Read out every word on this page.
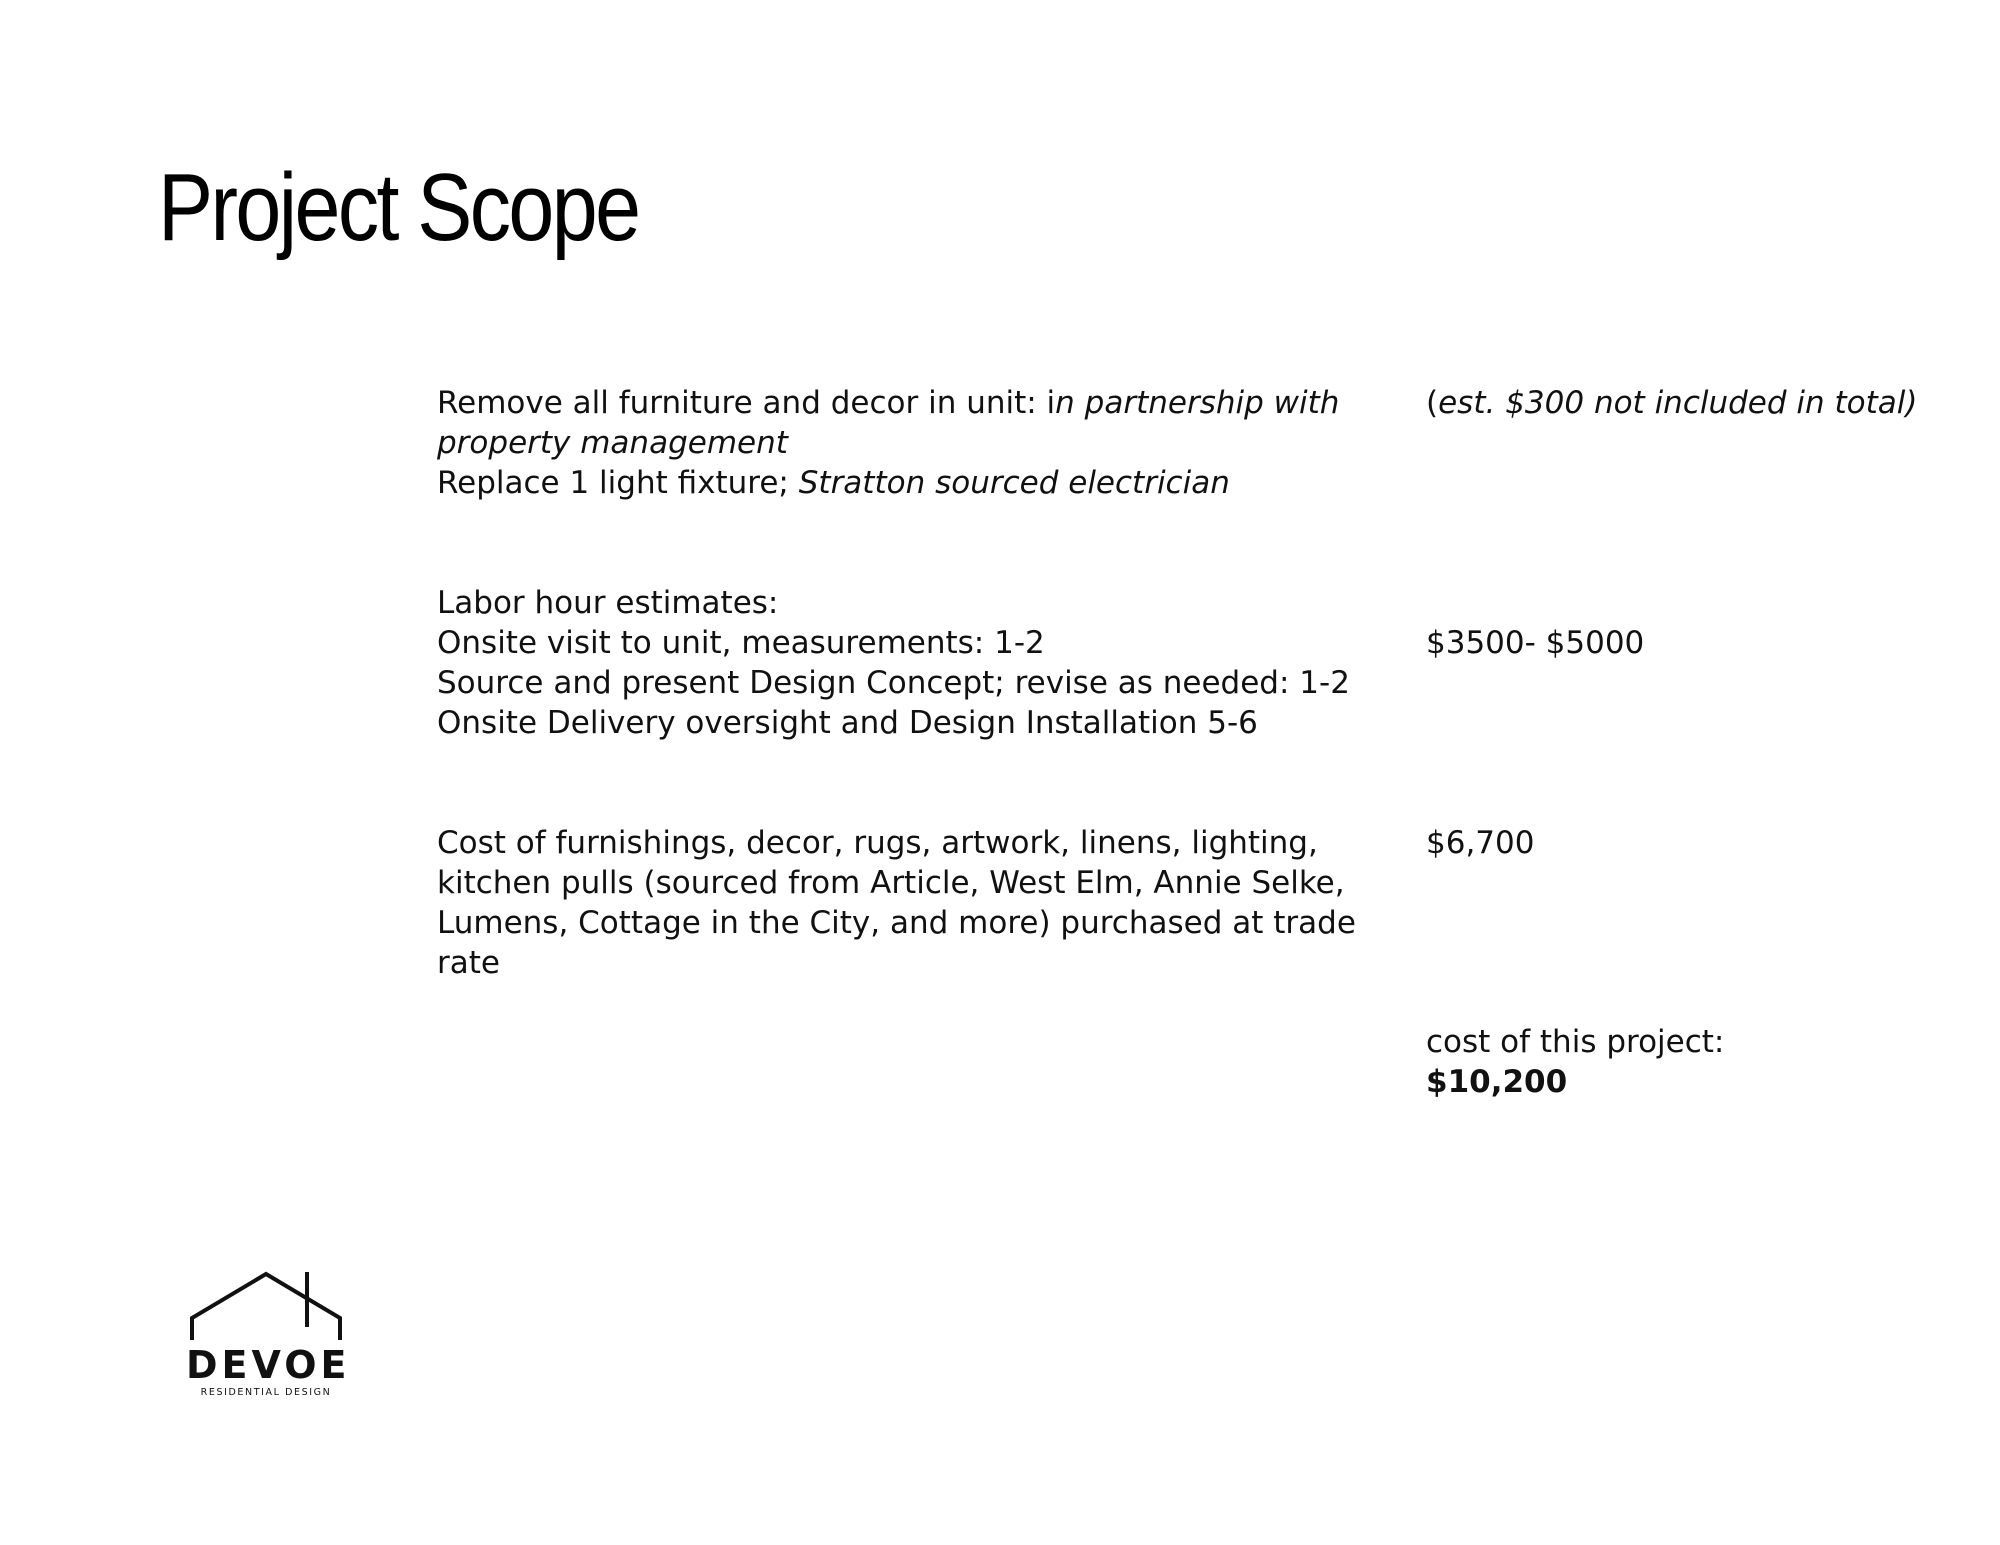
Project Scope
Remove all furniture and decor in unit: in partnership with
property management
Replace 1 light fixture; Stratton sourced electrician
(est. $300 not included in total)
Labor hour estimates:
Onsite visit to unit, measurements: 1-2
Source and present Design Concept; revise as needed: 1-2
Onsite Delivery oversight and Design Installation 5-6
$3500- $5000
Cost of furnishings, decor, rugs, artwork, linens, lighting, kitchen pulls (sourced from Article, West Elm, Annie Selke, Lumens, Cottage in the City, and more) purchased at trade rate
$6,700
cost of this project:
$10,200
DEVOE
RESIDENTIAL DESIGN
